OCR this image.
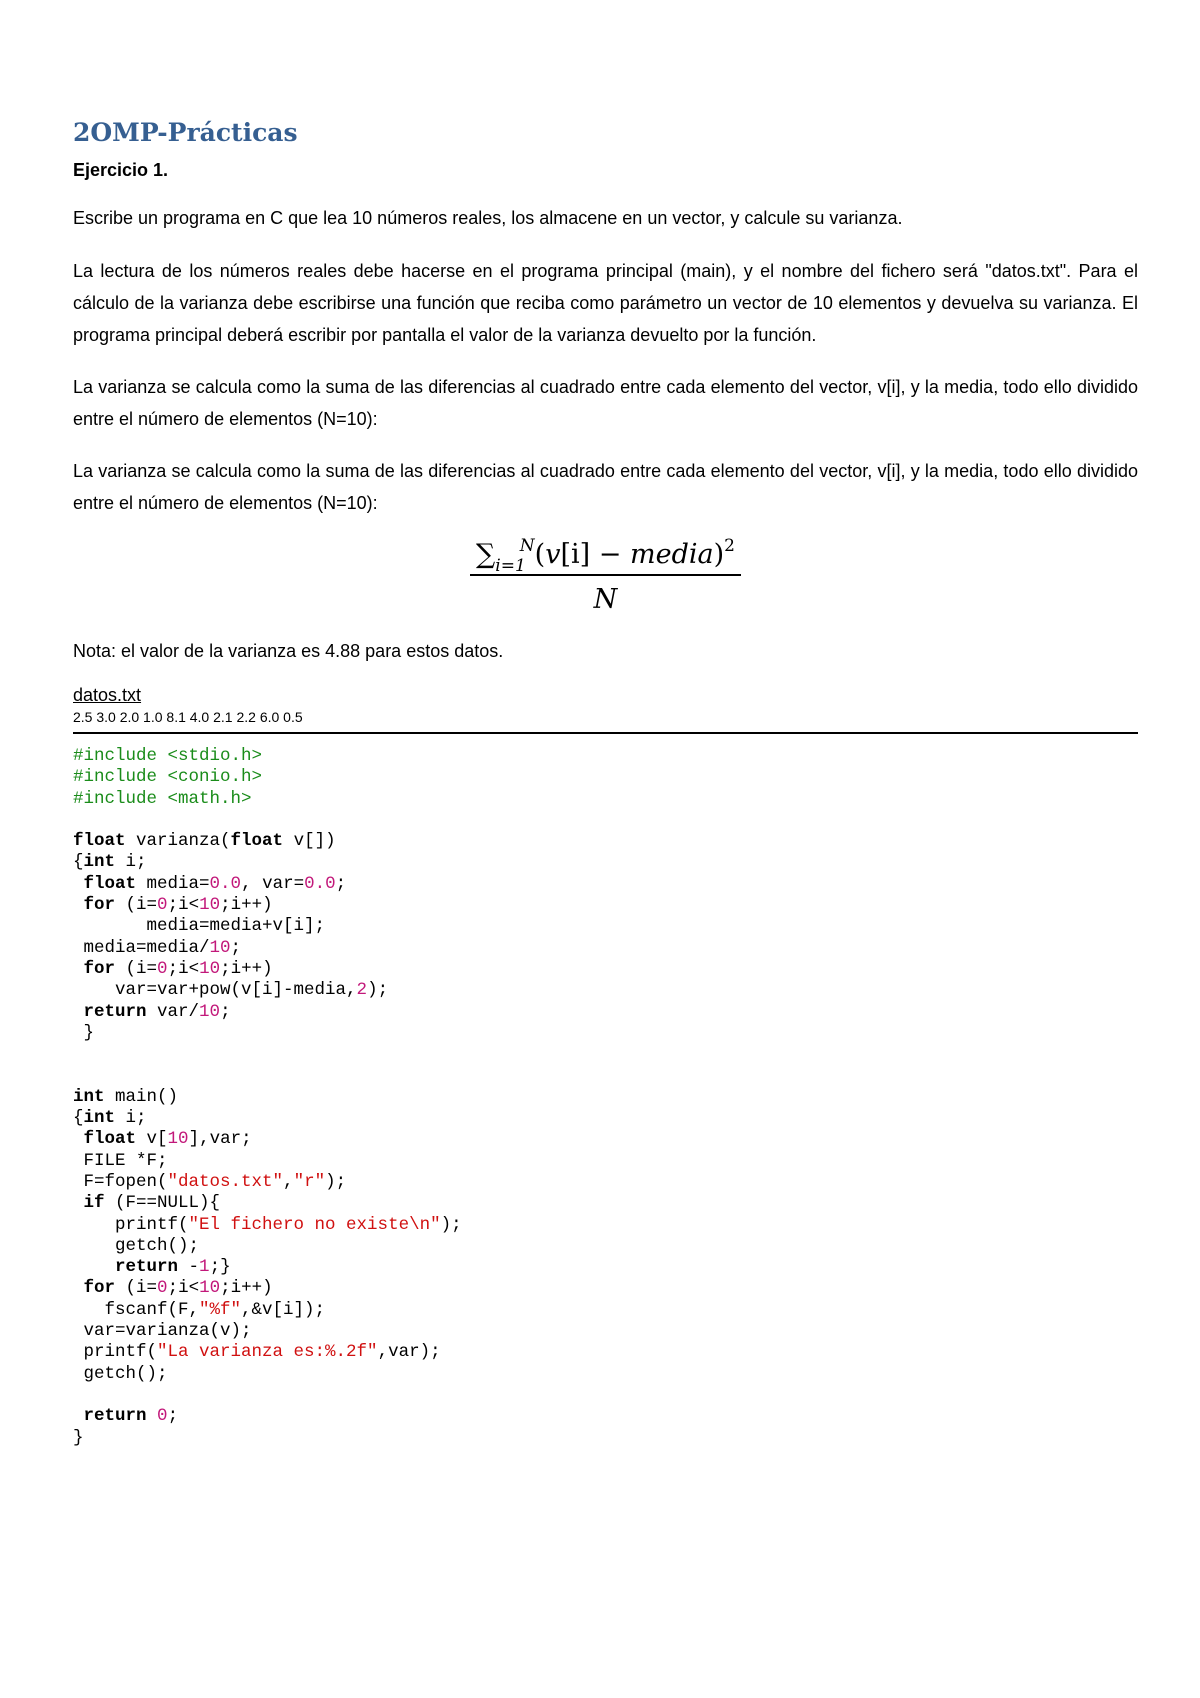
2OMP-Prácticas
Ejercicio 1.

Escribe un programa en C que lea 10 números reales, los almacene en un vector, y calcule su varianza.

La lectura de los números reales debe hacerse en el programa principal (main), y el nombre del fichero será "datos.txt". Para el cálculo de la varianza debe escribirse una función que reciba como parámetro un vector de 10 elementos y devuelva su varianza. El programa principal deberá escribir por pantalla el valor de la varianza devuelto por la función.

La varianza se calcula como la suma de las diferencias al cuadrado entre cada elemento del vector, v[i], y la media, todo ello dividido entre el número de elementos (N=10):

La varianza se calcula como la suma de las diferencias al cuadrado entre cada elemento del vector, v[i], y la media, todo ello dividido entre el número de elementos (N=10):

$\frac{\sum_{i=1}^N(v[i] - media)^2}{N}$

Nota: el valor de la varianza es 4.88 para estos datos.

datos.txt

2.5 3.0 2.0 1.0 8.1 4.0 2.1 2.2 6.0 0.5

#include <stdio.h>
#include <conio.h>
#include <math.h>

float varianza(float v[])
{int i;
float media=0.0, var=0.0;
for (i=0;i<10;i++)
media=media+v[i];
media=media/10;
for (i=0;i<10;i++)
var=var+pow(v[i]-media,2);
return var/10;
}

int main()
{int i;
float v[10],var;
FILE *F;
F=fopen("datos.txt","r");
if (F==NULL){
printf("El fichero no existe\n");
getch();
return -1;}
for (i=0;i<10;i++)
fscanf(F,"%f",&v[i]);
var=varianza(v);
printf("La varianza es:%.2f",var);
getch();

return 0;
}
